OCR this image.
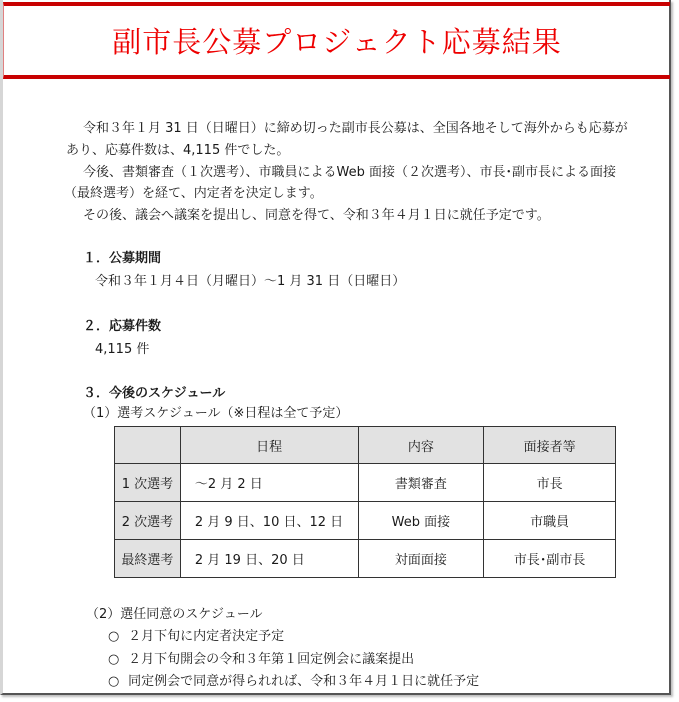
副市長公募プロジェクト応募結果
令和３年１月 31 日（日曜日）に締め切った副市長公募は、全国各地そして海外からも応募が
あり、応募件数は、4,115 件でした。
今後、書類審査（１次選考）、市職員によるWeb 面接（２次選考）、市長･副市長による面接
（最終選考）を経て、内定者を決定します。
その後、議会へ議案を提出し、同意を得て、令和３年４月１日に就任予定です。
１．公募期間
令和３年１月４日（月曜日）～1 月 31 日（日曜日）
２．応募件数
4,115 件
３．今後のスケジュール
（1）選考スケジュール（※日程は全て予定）
	日程	内容	面接者等
1 次選考	～2 月 2 日	書類審査	市長
2 次選考	2 月 9 日、10 日、12 日	Web 面接	市職員
最終選考	2 月 19 日、20 日	対面面接	市長･副市長
（2）選任同意のスケジュール
○ ２月下旬に内定者決定予定
○ ２月下旬開会の令和３年第１回定例会に議案提出
○ 同定例会で同意が得られれば、令和３年４月１日に就任予定
